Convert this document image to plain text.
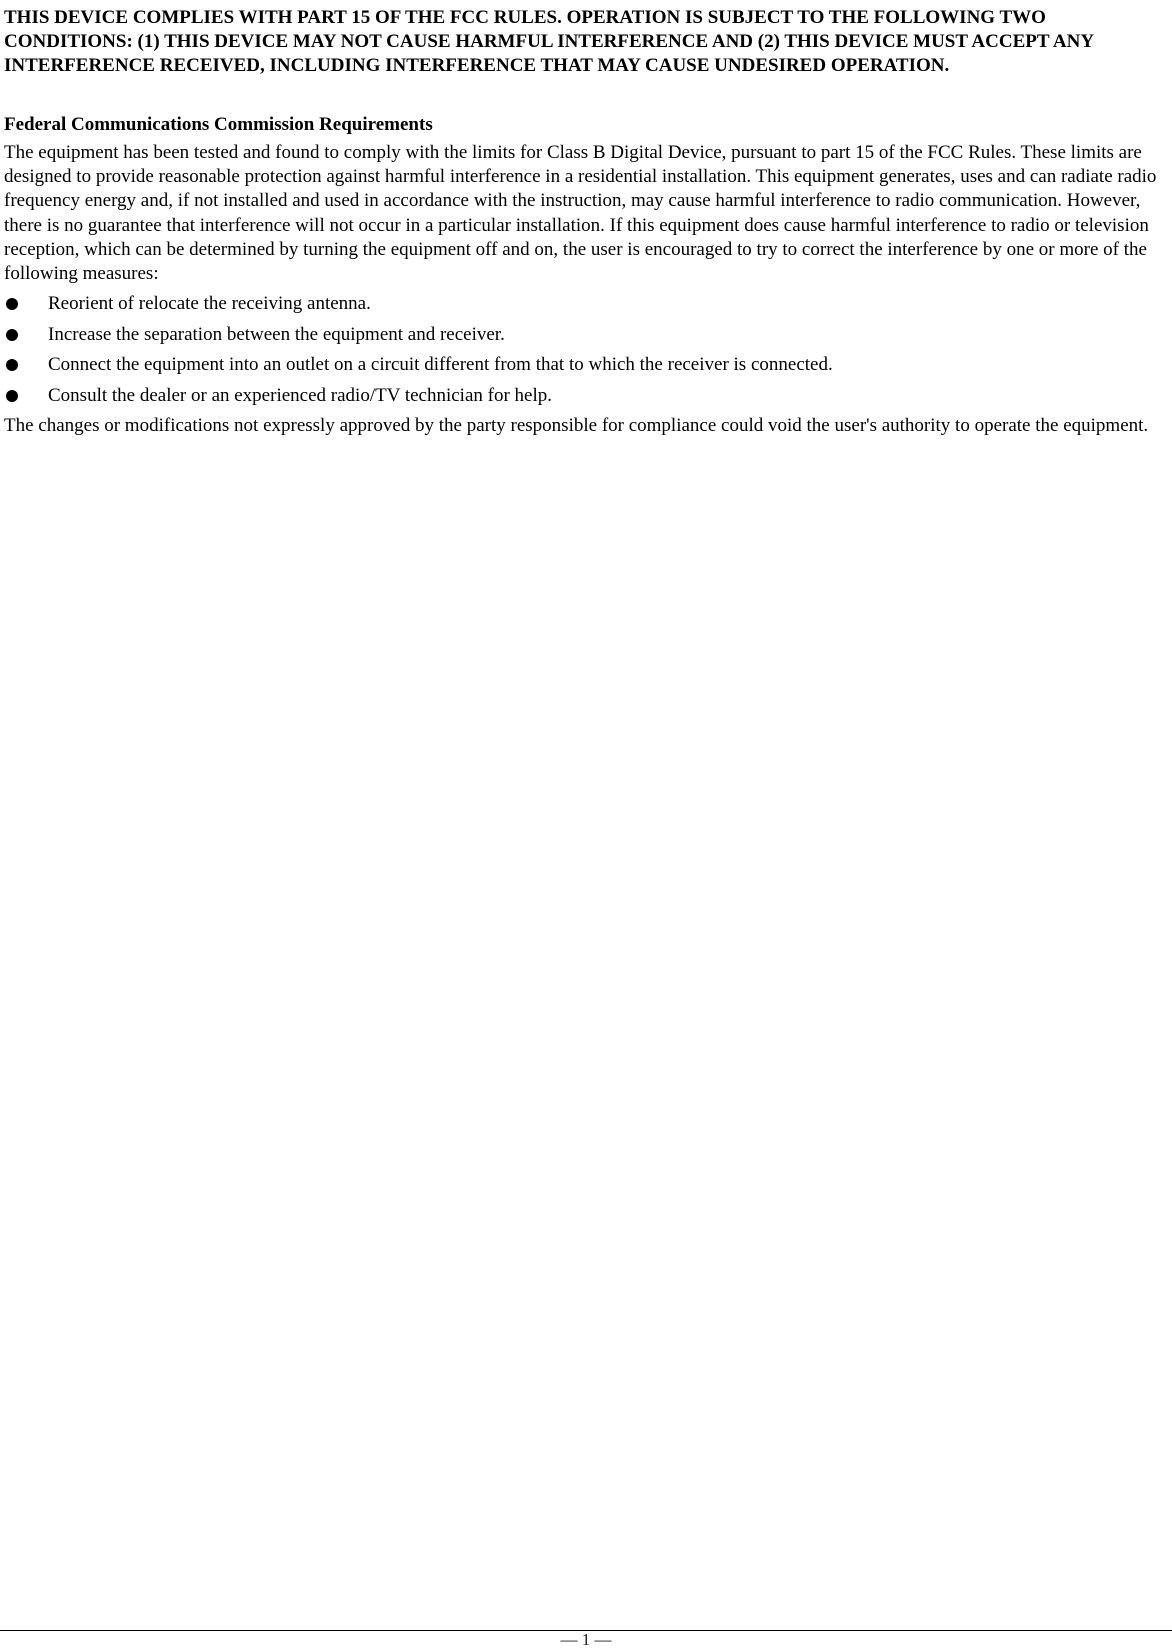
THIS DEVICE COMPLIES WITH PART 15 OF THE FCC RULES. OPERATION IS SUBJECT TO THE FOLLOWING TWO CONDITIONS: (1) THIS DEVICE MAY NOT CAUSE HARMFUL INTERFERENCE AND (2) THIS DEVICE MUST ACCEPT ANY INTERFERENCE RECEIVED, INCLUDING INTERFERENCE THAT MAY CAUSE UNDESIRED OPERATION.

Federal Communications Commission Requirements

The equipment has been tested and found to comply with the limits for Class B Digital Device, pursuant to part 15 of the FCC Rules. These limits are designed to provide reasonable protection against harmful interference in a residential installation. This equipment generates, uses and can radiate radio frequency energy and, if not installed and used in accordance with the instruction, may cause harmful interference to radio communication. However, there is no guarantee that interference will not occur in a particular installation. If this equipment does cause harmful interference to radio or television reception, which can be determined by turning the equipment off and on, the user is encouraged to try to correct the interference by one or more of the following measures:

Reorient of relocate the receiving antenna.
Increase the separation between the equipment and receiver.
Connect the equipment into an outlet on a circuit different from that to which the receiver is connected.
Consult the dealer or an experienced radio/TV technician for help.

The changes or modifications not expressly approved by the party responsible for compliance could void the user's authority to operate the equipment.

— 1 —
